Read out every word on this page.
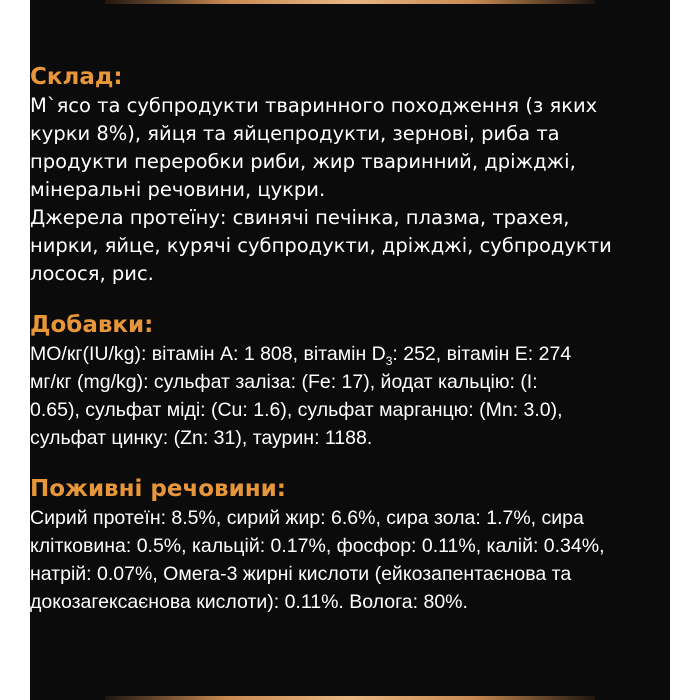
Склад:
М`ясо та субпродукти тваринного походження (з яких
курки 8%), яйця та яйцепродукти, зернові, риба та
продукти переробки риби, жир тваринний, дріжджі,
мінеральні речовини, цукри.
Джерела протеїну: свинячі печінка, плазма, трахея,
нирки, яйце, курячі субпродукти, дріжджі, субпродукти
лосося, рис.
Добавки:
МО/кг(IU/kg): вітамін А: 1 808, вітамін $D_3$: 252, вітамін Е: 274
мг/кг (mg/kg): сульфат заліза: (Fe: 17), йодат кальцію: (I:
0.65), сульфат міді: (Cu: 1.6), сульфат марганцю: (Mn: 3.0),
сульфат цинку: (Zn: 31), таурин: 1188.
Поживні речовини:
Сирий протеїн: 8.5%, сирий жир: 6.6%, сира зола: 1.7%, сира
клітковина: 0.5%, кальцій: 0.17%, фосфор: 0.11%, калій: 0.34%,
натрій: 0.07%, Омега-3 жирні кислоти (ейкозапентаєнова та
докозагексаєнова кислоти): 0.11%. Волога: 80%.
